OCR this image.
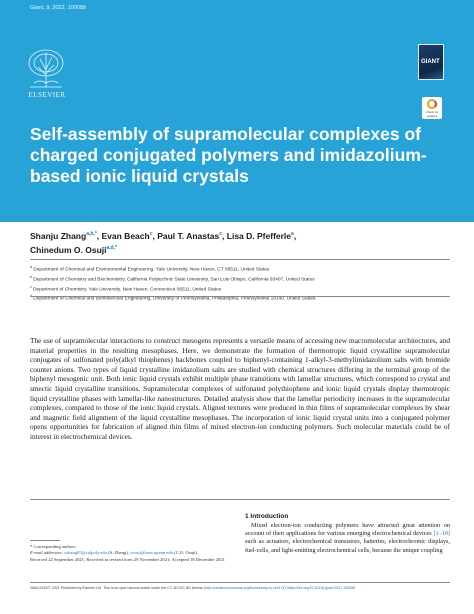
Giant, 9, 2022, 100088
ELSEVIER
GIANT
Check for updates
Self-assembly of supramolecular complexes of charged conjugated polymers and imidazolium-based ionic liquid crystals
Shanju Zhang$^{a,b,*}$, Evan Beach$^c$, Paul T. Anastas$^c$, Lisa D. Pfefferle$^a$,
Chinedum O. Osuji$^{a,d,*}$
$^a$ Department of Chemical and Environmental Engineering, Yale University, New Haven, CT 06511, United States
$^b$ Department of Chemistry and Biochemistry, California Polytechnic State University, San Luis Obispo, California 93407, United States
$^c$ Department of Chemistry, Yale University, New Haven, Connecticut 06511, United States
$^d$ Department of Chemical and Biomolecular Engineering, University of Pennsylvania, Philadelphia, Pennsylvania 19140, United States
The use of supramolecular interactions to construct mesogens represents a versatile means of accessing new macromolecular architectures, and material properties in the resulting mesophases. Here, we demonstrate the formation of thermotropic liquid crystalline supramolecular conjugates of sulfonated poly(alkyl thiophenes) backbones coupled to biphenyl-containing 1-alkyl-3-methylimidazolium salts with bromide counter anions. Two types of liquid crystalline imidazolium salts are studied with chemical structures differing in the terminal group of the biphenyl mesogenic unit. Both ionic liquid crystals exhibit multiple phase transitions with lamellar structures, which correspond to crystal and smectic liquid crystalline transitions. Supramolecular complexes of sulfonated polythiophene and ionic liquid crystals display thermotropic liquid crystalline phases with lamellar-like nanostructures. Detailed analysis show that the lamellar periodicity increases in the supramolecular complexes, compared to those of the ionic liquid crystals. Aligned textures were produced in thin films of supramolecular complexes by shear and magnetic field alignment of the liquid crystalline mesophases. The incorporation of ionic liquid crystal units into a conjugated polymer opens opportunities for fabrication of aligned thin films of mixed electron-ion conducting polymers. Such molecular materials could be of interest in electrochemical devices.
* Corresponding authors.
E-mail addresses: szhang05@calpoly.edu (S. Zhang), cosuji@seas.upenn.edu (C.O. Osuji).
Received 22 September 2021; Received in revised form 29 November 2021; Accepted 18 December 2021
1 Introduction
Mixed electron-ion conducting polymers have attracted great attention on account of their applications for various emerging electrochemical devices [1–10] such as actuators, electrochemical transistors, batteries, electrochromic displays, fuel-cells, and light-emitting electrochemical cells, because the unique coupling
2666-5425/© 2021 Published by Elsevier Ltd. This is an open access article under the CC BY-NC-ND license (http://creativecommons.org/licenses/by-nc-nd/4.0/) https://doi.org/10.1016/j.giant.2021.100088
